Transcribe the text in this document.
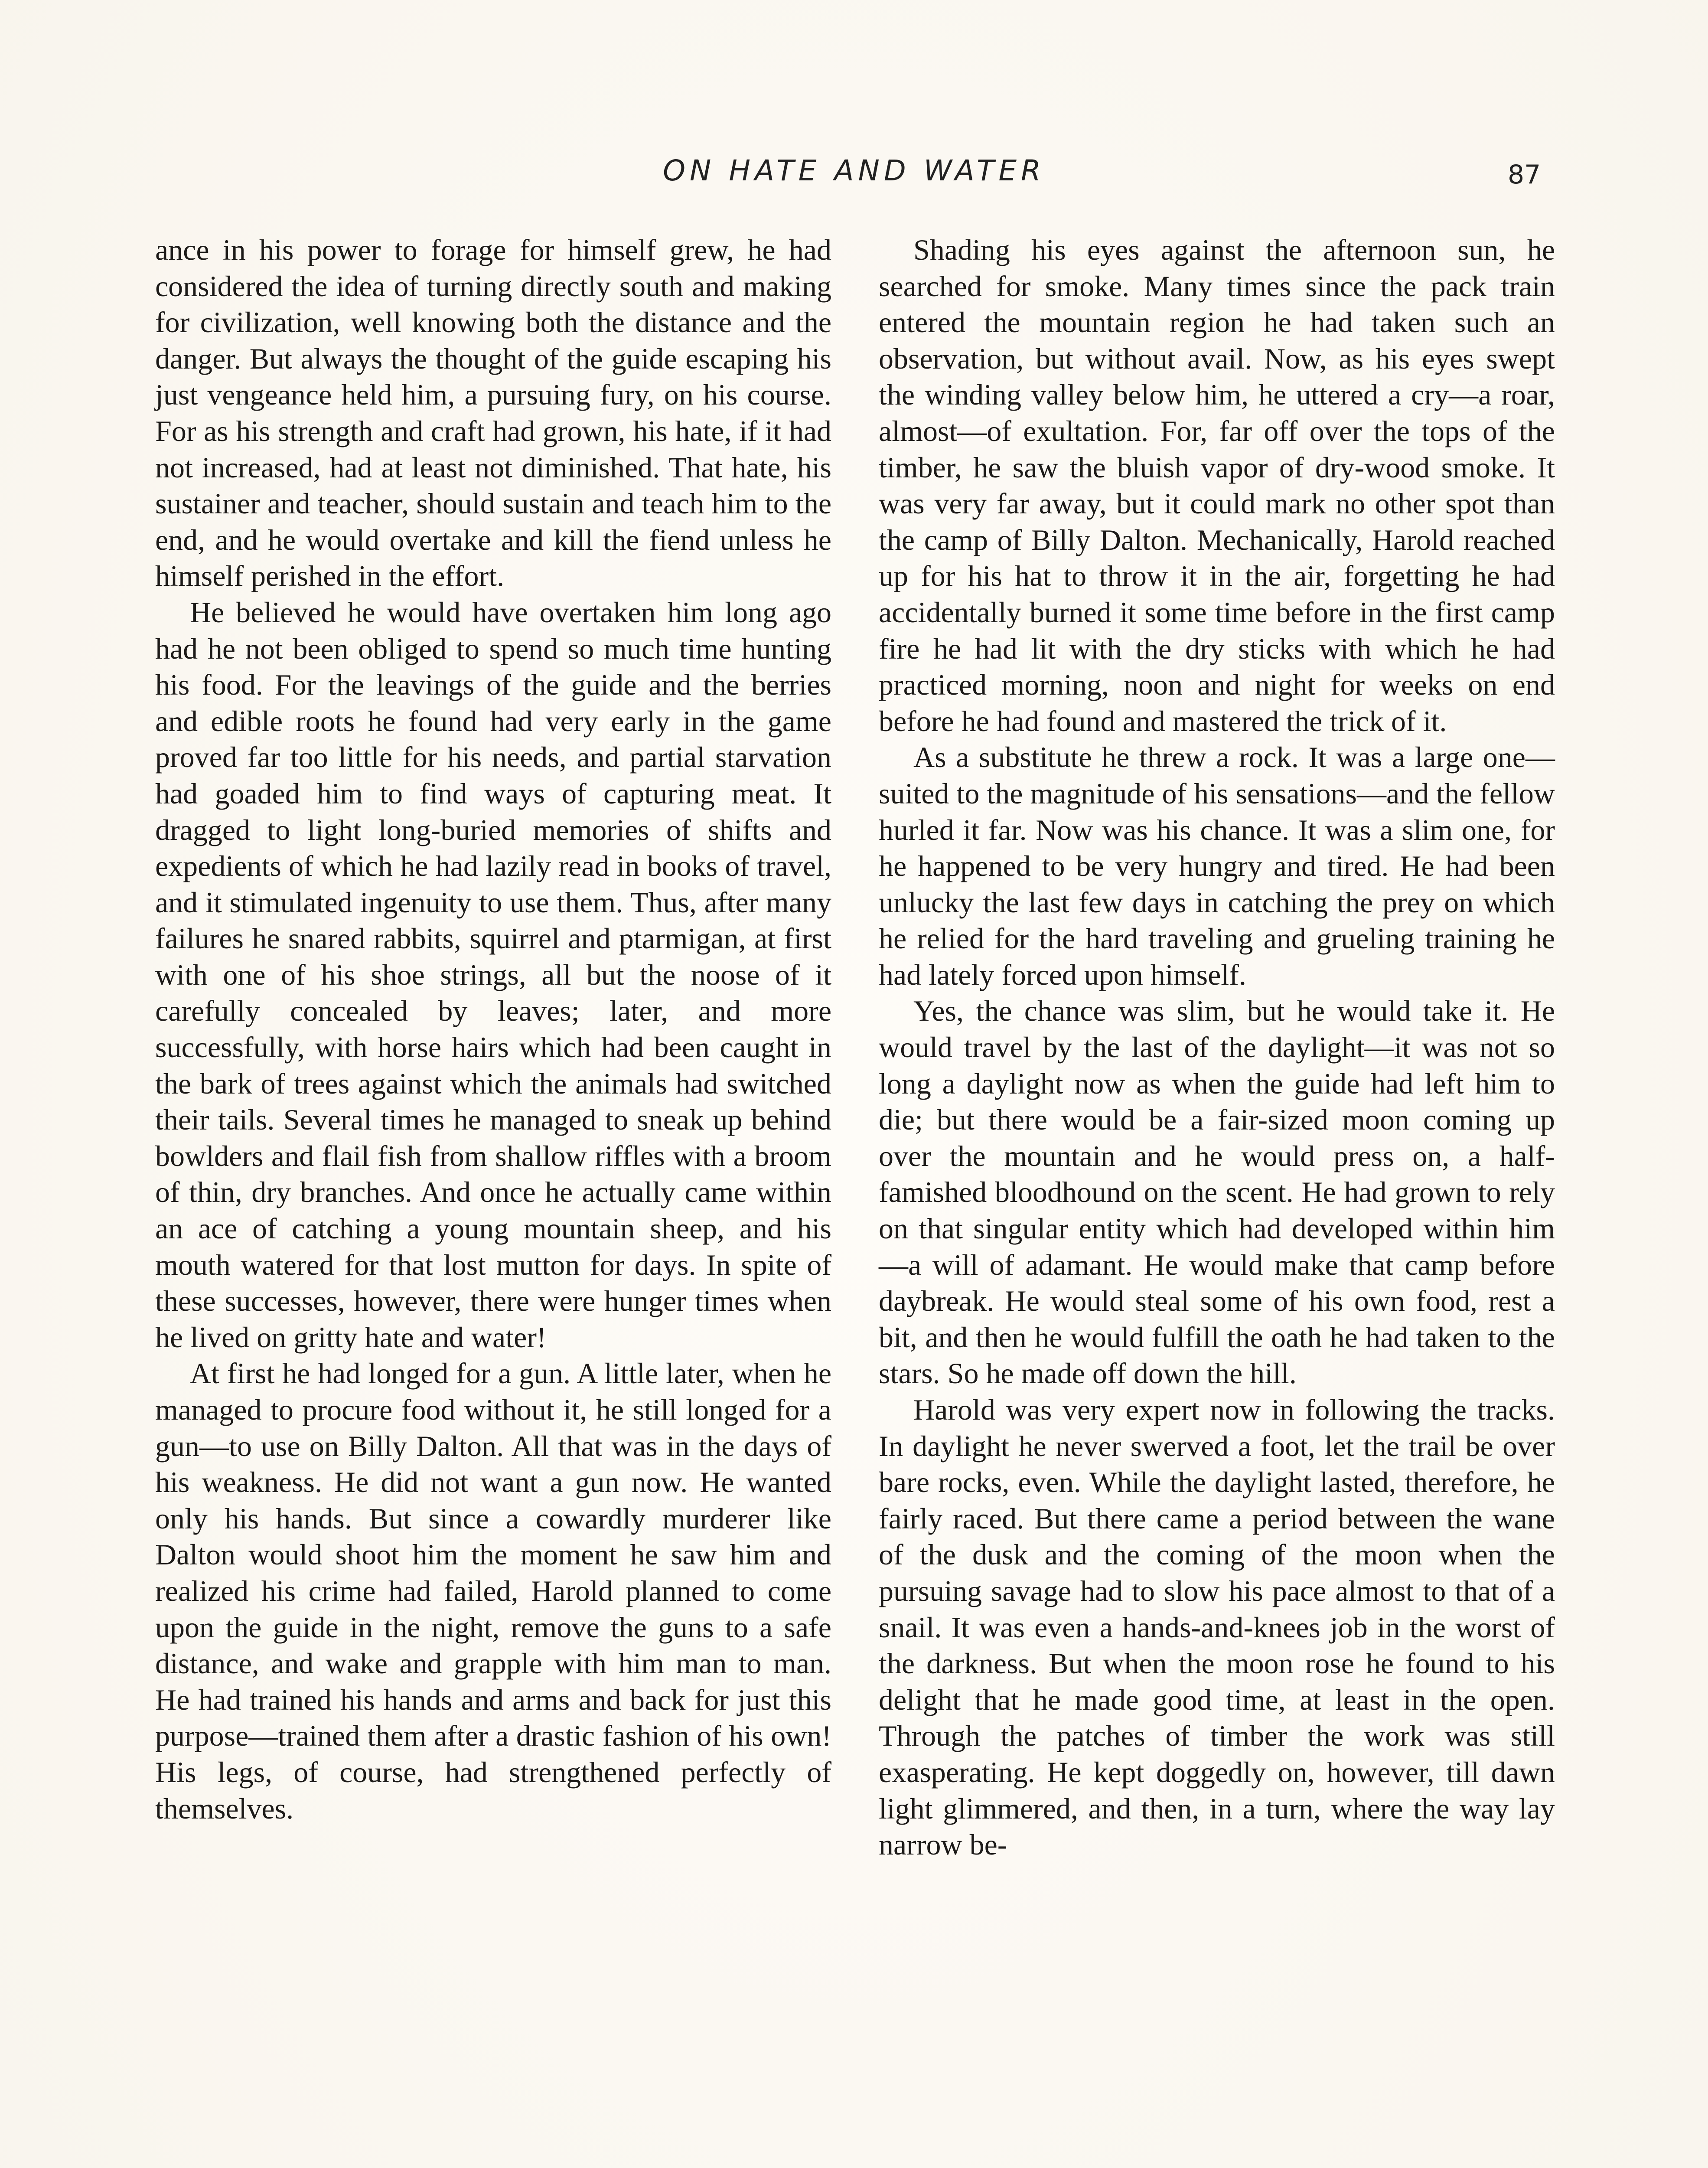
ON HATE AND WATER	87

ance in his power to forage for himself grew, he had considered the idea of turning directly south and making for civilization, well knowing both the distance and the danger. But always the thought of the guide escaping his just vengeance held him, a pursuing fury, on his course. For as his strength and craft had grown, his hate, if it had not increased, had at least not diminished. That hate, his sustainer and teacher, should sustain and teach him to the end, and he would overtake and kill the fiend unless he himself perished in the effort.

He believed he would have overtaken him long ago had he not been obliged to spend so much time hunting his food. For the leavings of the guide and the berries and edible roots he found had very early in the game proved far too little for his needs, and partial starvation had goaded him to find ways of capturing meat. It dragged to light long-buried memories of shifts and expedients of which he had lazily read in books of travel, and it stimulated ingenuity to use them. Thus, after many failures he snared rabbits, squirrel and ptarmigan, at first with one of his shoe strings, all but the noose of it carefully concealed by leaves; later, and more successfully, with horse hairs which had been caught in the bark of trees against which the animals had switched their tails. Several times he managed to sneak up behind bowlders and flail fish from shallow riffles with a broom of thin, dry branches. And once he actually came within an ace of catching a young mountain sheep, and his mouth watered for that lost mutton for days. In spite of these successes, however, there were hunger times when he lived on gritty hate and water!

At first he had longed for a gun. A little later, when he managed to procure food without it, he still longed for a gun—to use on Billy Dalton. All that was in the days of his weakness. He did not want a gun now. He wanted only his hands. But since a cowardly murderer like Dalton would shoot him the moment he saw him and realized his crime had failed, Harold planned to come upon the guide in the night, remove the guns to a safe distance, and wake and grapple with him man to man. He had trained his hands and arms and back for just this purpose—trained them after a drastic fashion of his own! His legs, of course, had strengthened perfectly of themselves.

Shading his eyes against the afternoon sun, he searched for smoke. Many times since the pack train entered the mountain region he had taken such an observation, but without avail. Now, as his eyes swept the winding valley below him, he uttered a cry—a roar, almost—of exultation. For, far off over the tops of the timber, he saw the bluish vapor of dry-wood smoke. It was very far away, but it could mark no other spot than the camp of Billy Dalton. Mechanically, Harold reached up for his hat to throw it in the air, forgetting he had accidentally burned it some time before in the first camp fire he had lit with the dry sticks with which he had practiced morning, noon and night for weeks on end before he had found and mastered the trick of it.

As a substitute he threw a rock. It was a large one—suited to the magnitude of his sensations—and the fellow hurled it far. Now was his chance. It was a slim one, for he happened to be very hungry and tired. He had been unlucky the last few days in catching the prey on which he relied for the hard traveling and grueling training he had lately forced upon himself.

Yes, the chance was slim, but he would take it. He would travel by the last of the daylight—it was not so long a daylight now as when the guide had left him to die; but there would be a fair-sized moon coming up over the mountain and he would press on, a half-famished bloodhound on the scent. He had grown to rely on that singular entity which had developed within him—a will of adamant. He would make that camp before daybreak. He would steal some of his own food, rest a bit, and then he would fulfill the oath he had taken to the stars. So he made off down the hill.

Harold was very expert now in following the tracks. In daylight he never swerved a foot, let the trail be over bare rocks, even. While the daylight lasted, therefore, he fairly raced. But there came a period between the wane of the dusk and the coming of the moon when the pursuing savage had to slow his pace almost to that of a snail. It was even a hands-and-knees job in the worst of the darkness. But when the moon rose he found to his delight that he made good time, at least in the open. Through the patches of timber the work was still exasperating. He kept doggedly on, however, till dawn light glimmered, and then, in a turn, where the way lay narrow be-
